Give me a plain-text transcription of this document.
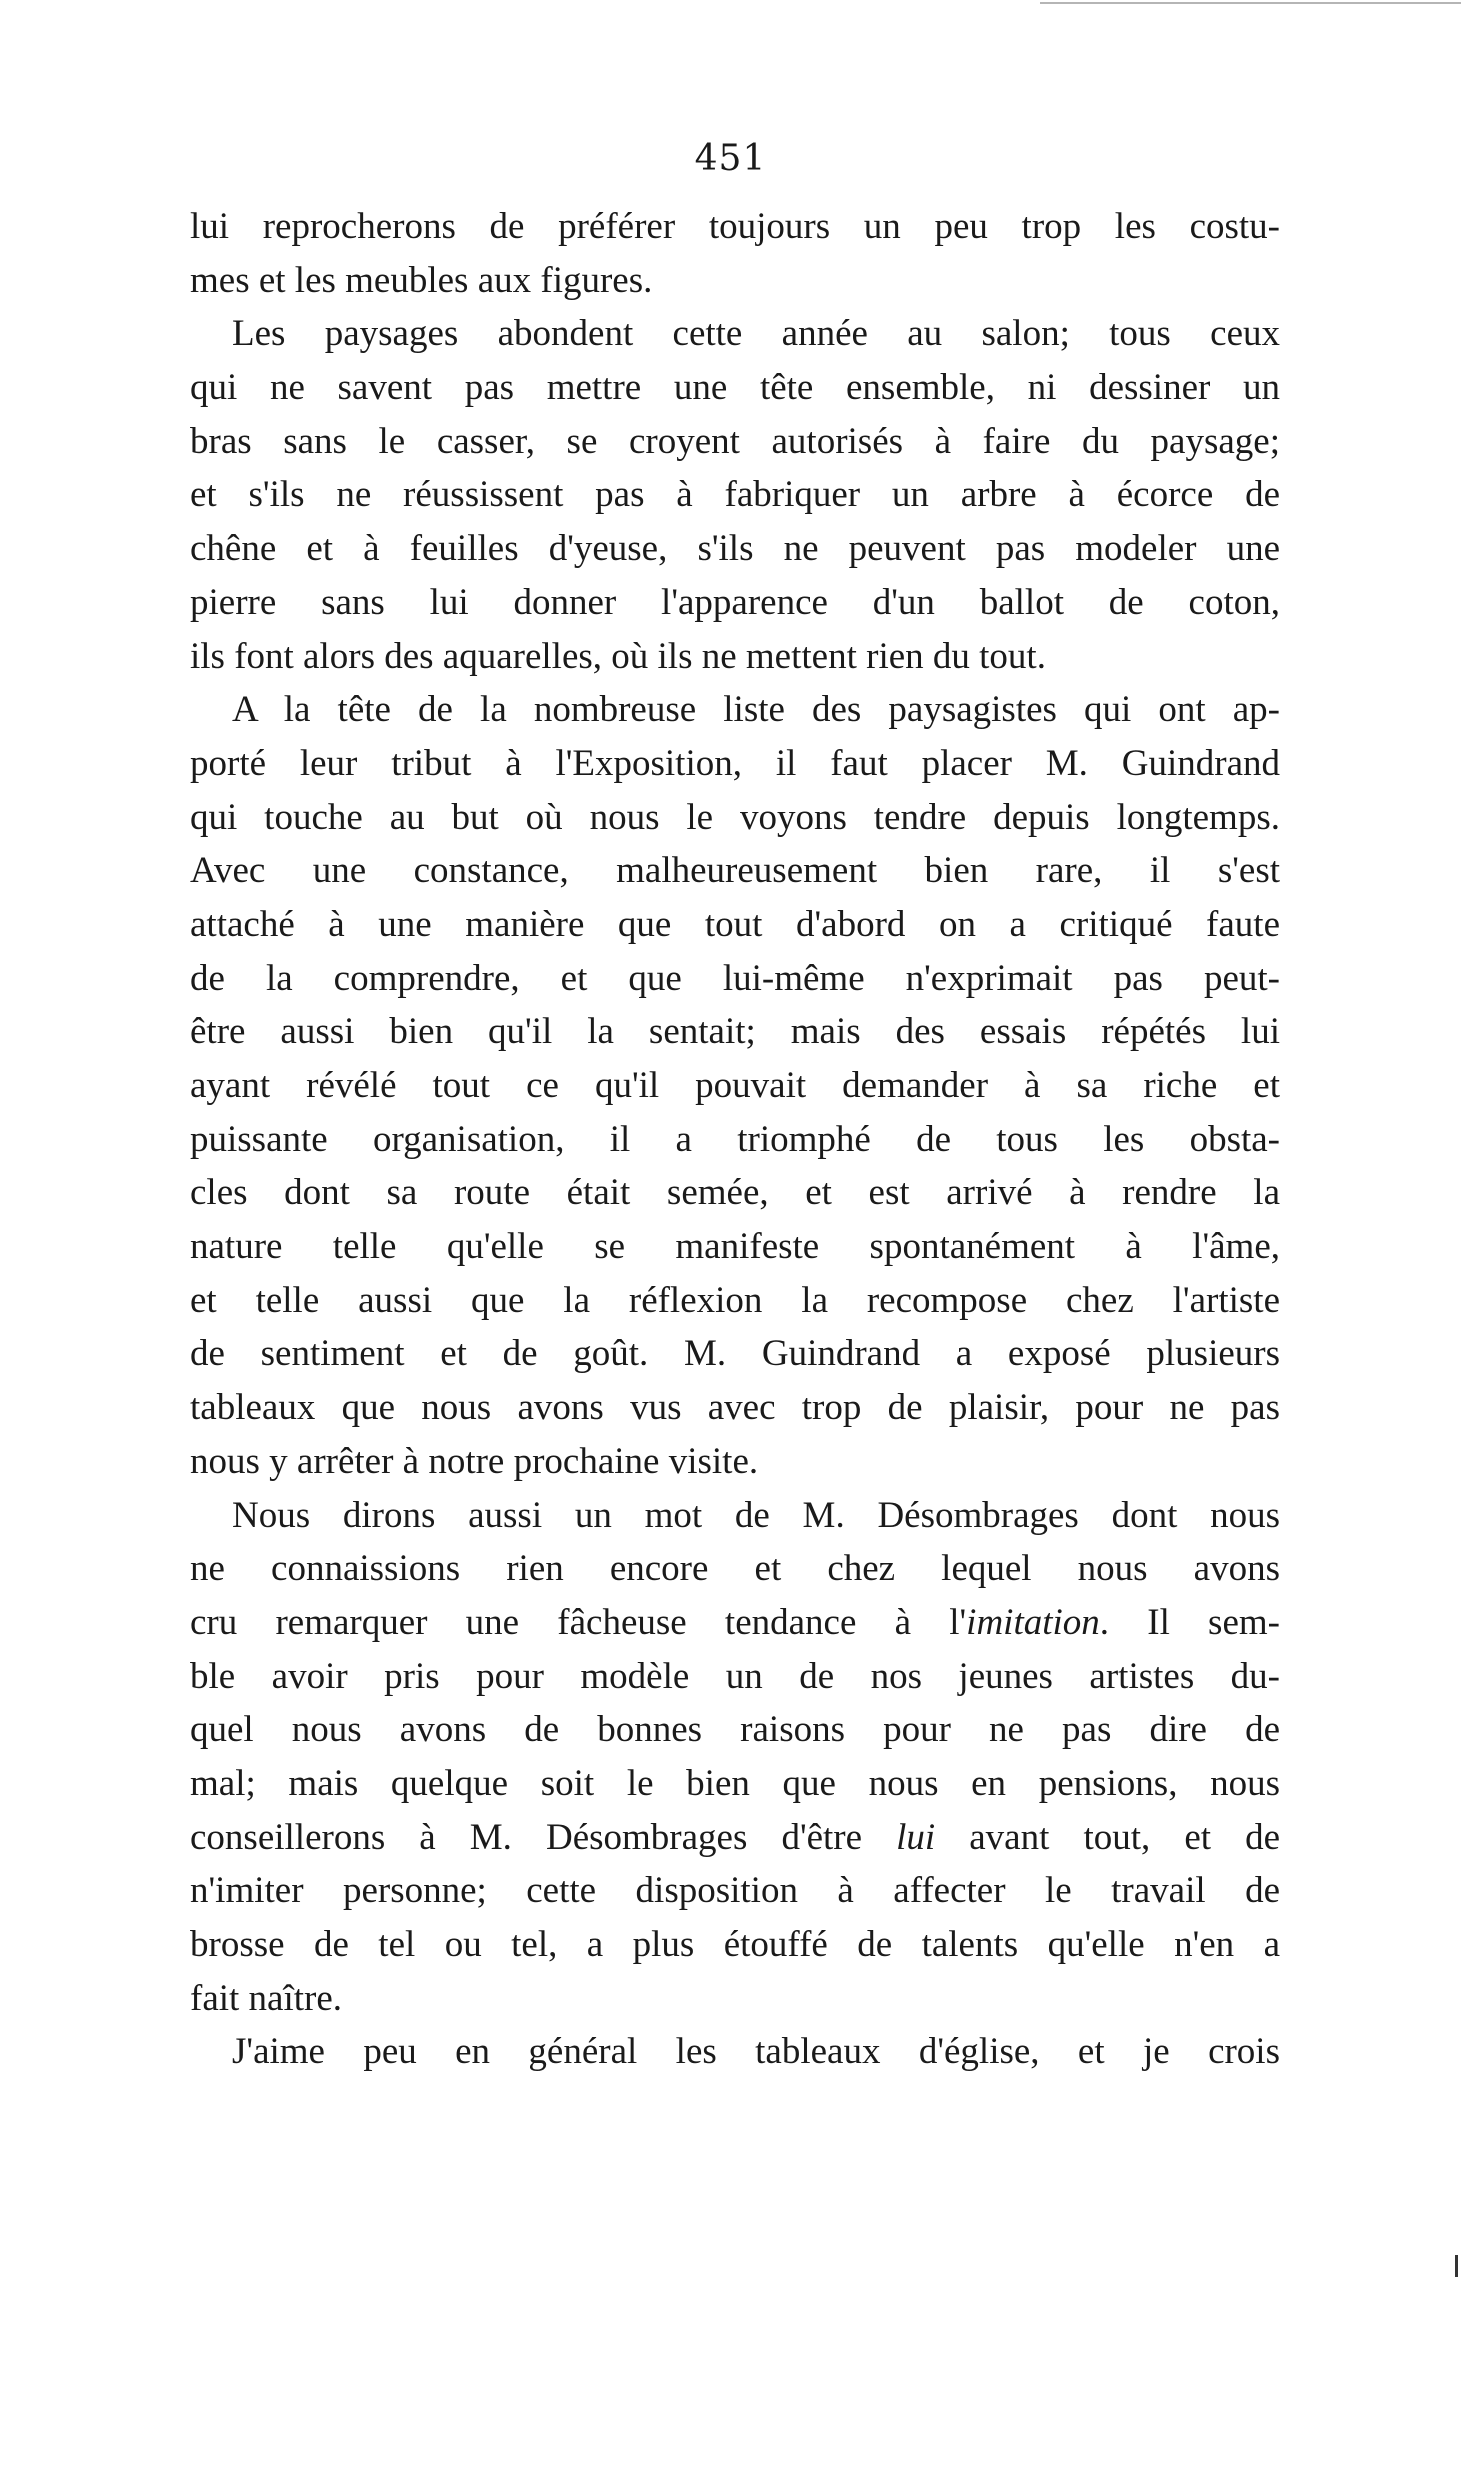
451
lui reprocherons de préférer toujours un peu trop les costu-
mes et les meubles aux figures.
Les paysages abondent cette année au salon; tous ceux
qui ne savent pas mettre une tête ensemble, ni dessiner un
bras sans le casser, se croyent autorisés à faire du paysage;
et s'ils ne réussissent pas à fabriquer un arbre à écorce de
chêne et à feuilles d'yeuse, s'ils ne peuvent pas modeler une
pierre sans lui donner l'apparence d'un ballot de coton,
ils font alors des aquarelles, où ils ne mettent rien du tout.
A la tête de la nombreuse liste des paysagistes qui ont ap-
porté leur tribut à l'Exposition, il faut placer M. Guindrand
qui touche au but où nous le voyons tendre depuis longtemps.
Avec une constance, malheureusement bien rare, il s'est
attaché à une manière que tout d'abord on a critiqué faute
de la comprendre, et que lui-même n'exprimait pas peut-
être aussi bien qu'il la sentait; mais des essais répétés lui
ayant révélé tout ce qu'il pouvait demander à sa riche et
puissante organisation, il a triomphé de tous les obsta-
cles dont sa route était semée, et est arrivé à rendre la
nature telle qu'elle se manifeste spontanément à l'âme,
et telle aussi que la réflexion la recompose chez l'artiste
de sentiment et de goût. M. Guindrand a exposé plusieurs
tableaux que nous avons vus avec trop de plaisir, pour ne pas
nous y arrêter à notre prochaine visite.
Nous dirons aussi un mot de M. Désombrages dont nous
ne connaissions rien encore et chez lequel nous avons
cru remarquer une fâcheuse tendance à l'imitation. Il sem-
ble avoir pris pour modèle un de nos jeunes artistes du-
quel nous avons de bonnes raisons pour ne pas dire de
mal; mais quelque soit le bien que nous en pensions, nous
conseillerons à M. Désombrages d'être lui avant tout, et de
n'imiter personne; cette disposition à affecter le travail de
brosse de tel ou tel, a plus étouffé de talents qu'elle n'en a
fait naître.
J'aime peu en général les tableaux d'église, et je crois
